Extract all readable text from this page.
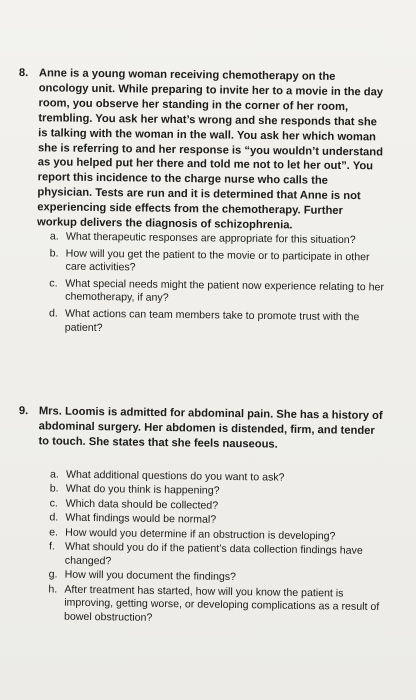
8. Anne is a young woman receiving chemotherapy on the oncology unit. While preparing to invite her to a movie in the day room, you observe her standing in the corner of her room, trembling. You ask her what’s wrong and she responds that she is talking with the woman in the wall. You ask her which woman she is referring to and her response is “you wouldn’t understand as you helped put her there and told me not to let her out”. You report this incidence to the charge nurse who calls the physician. Tests are run and it is determined that Anne is not experiencing side effects from the chemotherapy. Further workup delivers the diagnosis of schizophrenia.

a. What therapeutic responses are appropriate for this situation?
b. How will you get the patient to the movie or to participate in other care activities?
c. What special needs might the patient now experience relating to her chemotherapy, if any?
d. What actions can team members take to promote trust with the patient?
9. Mrs. Loomis is admitted for abdominal pain. She has a history of abdominal surgery. Her abdomen is distended, firm, and tender to touch. She states that she feels nauseous.

a. What additional questions do you want to ask?
b. What do you think is happening?
c. Which data should be collected?
d. What findings would be normal?
e. How would you determine if an obstruction is developing?
f. What should you do if the patient’s data collection findings have changed?
g. How will you document the findings?
h. After treatment has started, how will you know the patient is improving, getting worse, or developing complications as a result of bowel obstruction?
